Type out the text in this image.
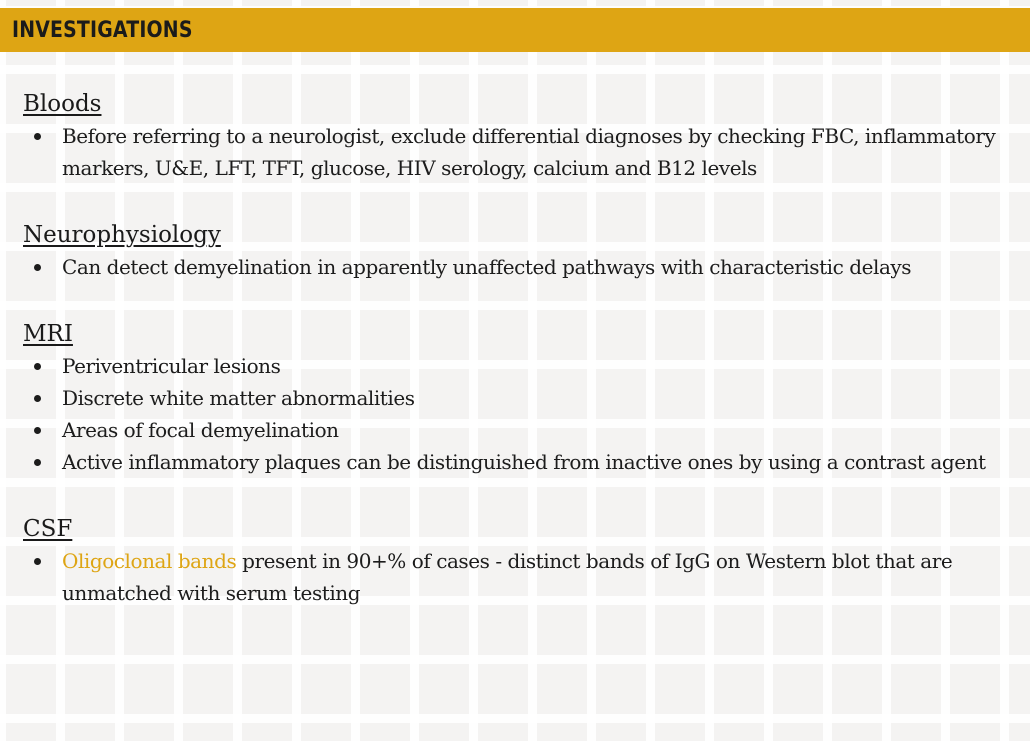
INVESTIGATIONS
Bloods
Before referring to a neurologist, exclude differential diagnoses by checking FBC, inflammatory markers, U&E, LFT, TFT, glucose, HIV serology, calcium and B12 levels
Neurophysiology
Can detect demyelination in apparently unaffected pathways with characteristic delays
MRI
Periventricular lesions
Discrete white matter abnormalities
Areas of focal demyelination
Active inflammatory plaques can be distinguished from inactive ones by using a contrast agent
CSF
Oligoclonal bands present in 90+% of cases - distinct bands of IgG on Western blot that are unmatched with serum testing
